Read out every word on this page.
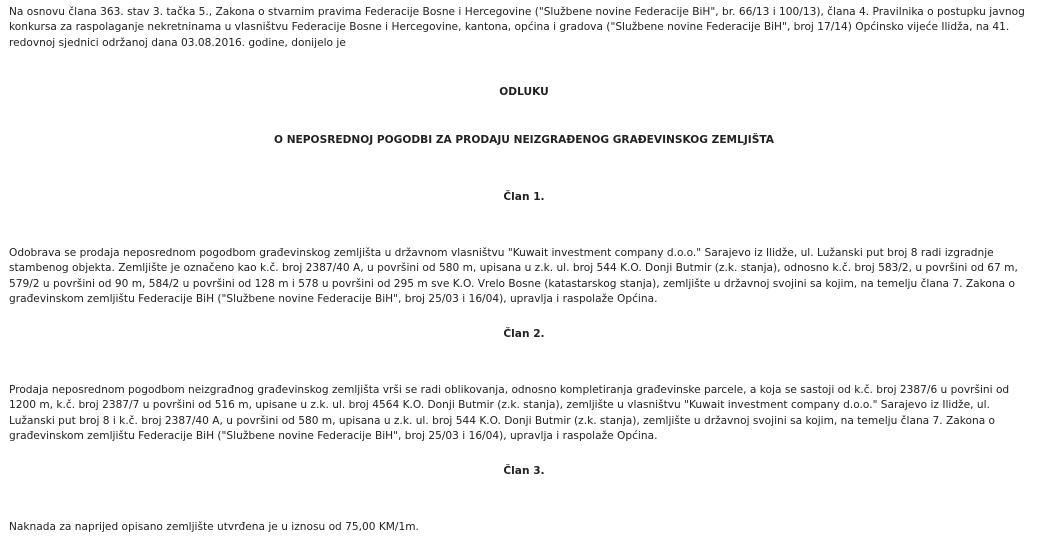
Na osnovu člana 363. stav 3. tačka 5., Zakona o stvarnim pravima Federacije Bosne i Hercegovine ("Službene novine Federacije BiH", br. 66/13 i 100/13), člana 4. Pravilnika o postupku javnog konkursa za raspolaganje nekretninama u vlasništvu Federacije Bosne i Hercegovine, kantona, općina i gradova ("Službene novine Federacije BiH", broj 17/14) Općinsko vijeće Ilidža, na 41. redovnoj sjednici održanoj dana 03.08.2016. godine, donijelo je

ODLUKU

O NEPOSREDNOJ POGODBI ZA PRODAJU NEIZGRAĐENOG GRAĐEVINSKOG ZEMLJIŠTA

Član 1.

Odobrava se prodaja neposrednom pogodbom građevinskog zemljišta u državnom vlasništvu "Kuwait investment company d.o.o." Sarajevo iz Ilidže, ul. Lužanski put broj 8 radi izgradnje stambenog objekta. Zemljište je označeno kao k.č. broj 2387/40 A, u površini od 580 m, upisana u z.k. ul. broj 544 K.O. Donji Butmir (z.k. stanja), odnosno k.č. broj 583/2, u površini od 67 m, 579/2 u površini od 90 m, 584/2 u površini od 128 m i 578 u površini od 295 m sve K.O. Vrelo Bosne (katastarskog stanja), zemljište u državnoj svojini sa kojim, na temelju člana 7. Zakona o građevinskom zemljištu Federacije BiH ("Službene novine Federacije BiH", broj 25/03 i 16/04), upravlja i raspolaže Općina.

Član 2.

Prodaja neposrednom pogodbom neizgrađnog građevinskog zemljišta vrši se radi oblikovanja, odnosno kompletiranja građevinske parcele, a koja se sastoji od k.č. broj 2387/6 u površini od 1200 m, k.č. broj 2387/7 u površini od 516 m, upisane u z.k. ul. broj 4564 K.O. Donji Butmir (z.k. stanja), zemljište u vlasništvu "Kuwait investment company d.o.o." Sarajevo iz Ilidže, ul. Lužanski put broj 8 i k.č. broj 2387/40 A, u površini od 580 m, upisana u z.k. ul. broj 544 K.O. Donji Butmir (z.k. stanja), zemljište u državnoj svojini sa kojim, na temelju člana 7. Zakona o građevinskom zemljištu Federacije BiH ("Službene novine Federacije BiH", broj 25/03 i 16/04), upravlja i raspolaže Općina.

Član 3.

Naknada za naprijed opisano zemljište utvrđena je u iznosu od 75,00 KM/1m.
